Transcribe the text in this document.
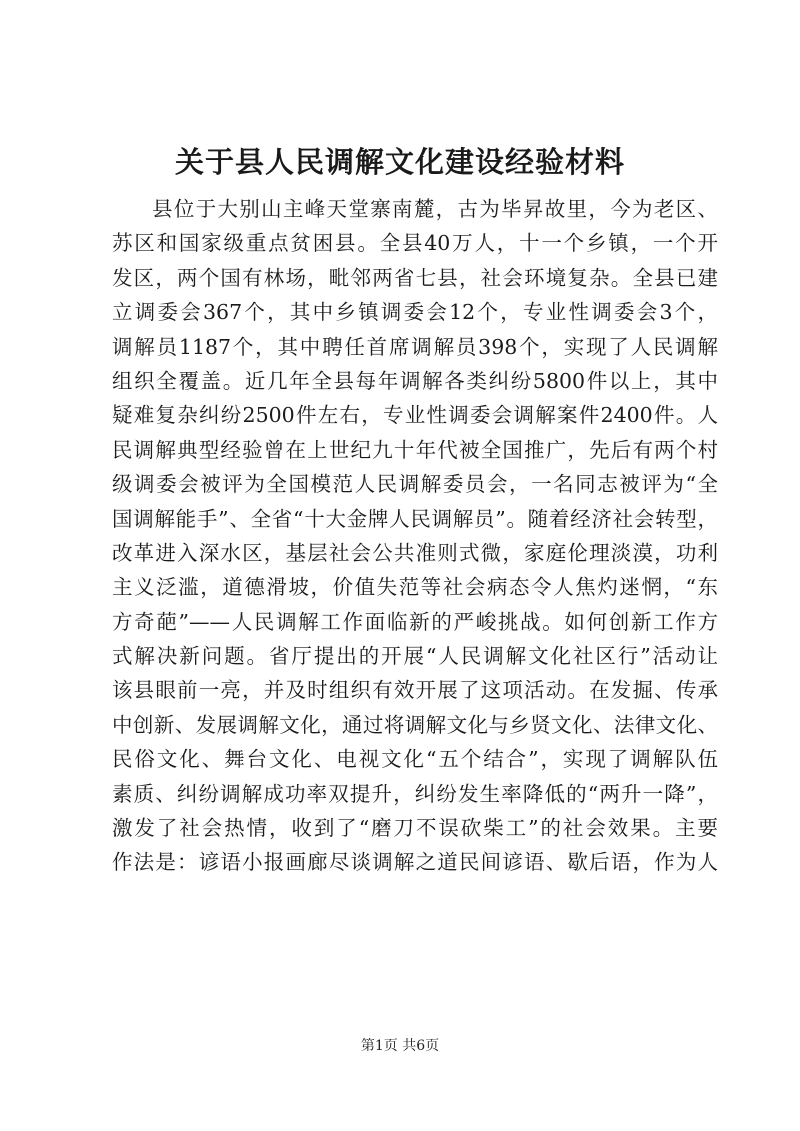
关于县人民调解文化建设经验材料
县位于大别山主峰天堂寨南麓，古为毕昇故里，今为老区、
苏区和国家级重点贫困县。全县40万人，十一个乡镇，一个开
发区，两个国有林场，毗邻两省七县，社会环境复杂。全县已建
立调委会367个，其中乡镇调委会12个，专业性调委会3个，
调解员1187个，其中聘任首席调解员398个，实现了人民调解
组织全覆盖。近几年全县每年调解各类纠纷5800件以上，其中
疑难复杂纠纷2500件左右，专业性调委会调解案件2400件。人
民调解典型经验曾在上世纪九十年代被全国推广，先后有两个村
级调委会被评为全国模范人民调解委员会，一名同志被评为“全
国调解能手”、全省“十大金牌人民调解员”。随着经济社会转型，
改革进入深水区，基层社会公共准则式微，家庭伦理淡漠，功利
主义泛滥，道德滑坡，价值失范等社会病态令人焦灼迷惘，“东
方奇葩”——人民调解工作面临新的严峻挑战。如何创新工作方
式解决新问题。省厅提出的开展“人民调解文化社区行”活动让
该县眼前一亮，并及时组织有效开展了这项活动。在发掘、传承
中创新、发展调解文化，通过将调解文化与乡贤文化、法律文化、
民俗文化、舞台文化、电视文化“五个结合”，实现了调解队伍
素质、纠纷调解成功率双提升，纠纷发生率降低的“两升一降”，
激发了社会热情，收到了“磨刀不误砍柴工”的社会效果。主要
作法是：谚语小报画廊尽谈调解之道民间谚语、歇后语，作为人
第1页 共6页
